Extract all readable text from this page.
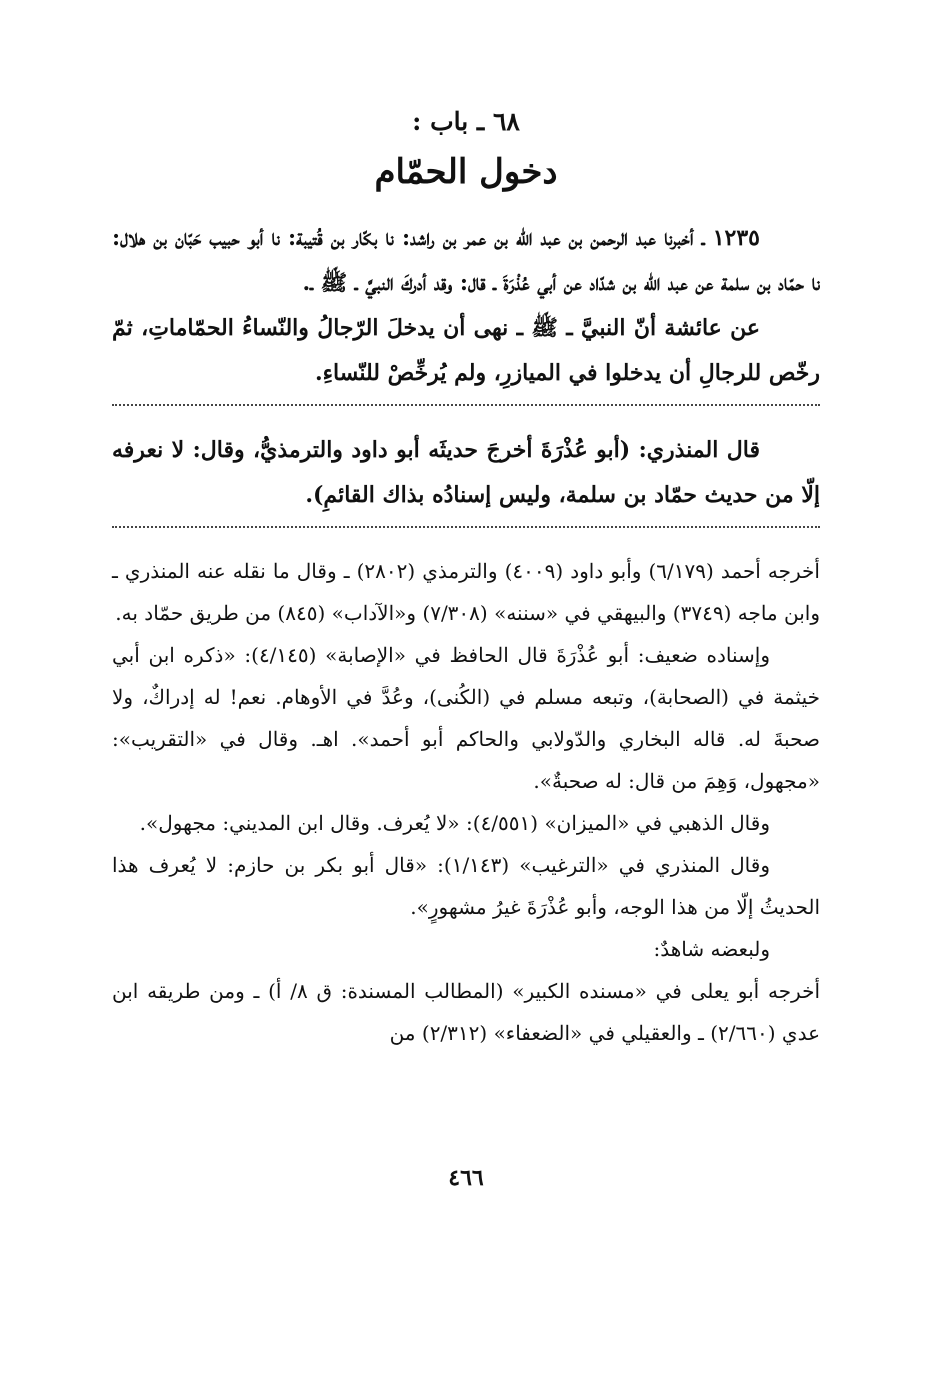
٦٨ ـ باب :
دخول الحمّام

١٢٣٥ ـ أخبرنا عبد الرحمن بن عبد الله بن عمر بن راشد: نا بكّار بن قُتيبة: نا أبو حبيب حَبّان بن هلال: نا حمّاد بن سلمة عن عبد الله بن شدّاد عن أبي عُذْرَةَ ـ قال: وقد أدركَ النبيَّ ـ ﷺ ـ.

عن عائشة أنّ النبيَّ ـ ﷺ ـ نهى أن يدخلَ الرّجالُ والنّساءُ الحمّاماتِ، ثمّ رخّص للرجالِ أن يدخلوا في الميازرِ، ولم يُرخِّصْ للنّساءِ.

قال المنذري: (أبو عُذْرَةَ أخرجَ حديثَه أبو داود والترمذيُّ، وقال: لا نعرفه إلّا من حديث حمّاد بن سلمة، وليس إسنادُه بذاك القائمِ).

أخرجه أحمد (٦/١٧٩) وأبو داود (٤٠٠٩) والترمذي (٢٨٠٢) ـ وقال ما نقله عنه المنذري ـ وابن ماجه (٣٧٤٩) والبيهقي في «سننه» (٧/٣٠٨) و«الآداب» (٨٤٥) من طريق حمّاد به.

وإسناده ضعيف: أبو عُذْرَةَ قال الحافظ في «الإصابة» (٤/١٤٥): «ذكره ابن أبي خيثمة في (الصحابة)، وتبعه مسلم في (الكُنى)، وعُدَّ في الأوهام. نعم! له إدراكٌ، ولا صحبةَ له. قاله البخاري والدّولابي والحاكم أبو أحمد». اهـ. وقال في «التقريب»: «مجهول، وَهِمَ من قال: له صحبةٌ».

وقال الذهبي في «الميزان» (٤/٥٥١): «لا يُعرف. وقال ابن المديني: مجهول».

وقال المنذري في «الترغيب» (١/١٤٣): «قال أبو بكر بن حازم: لا يُعرف هذا الحديثُ إلّا من هذا الوجه، وأبو عُذْرَةَ غيرُ مشهورٍ».

ولبعضه شاهدٌ:

أخرجه أبو يعلى في «مسنده الكبير» (المطالب المسندة: ق ٨/ أ) ـ ومن طريقه ابن عدي (٢/٦٦٠) ـ والعقيلي في «الضعفاء» (٢/٣١٢) من

٤٦٦
